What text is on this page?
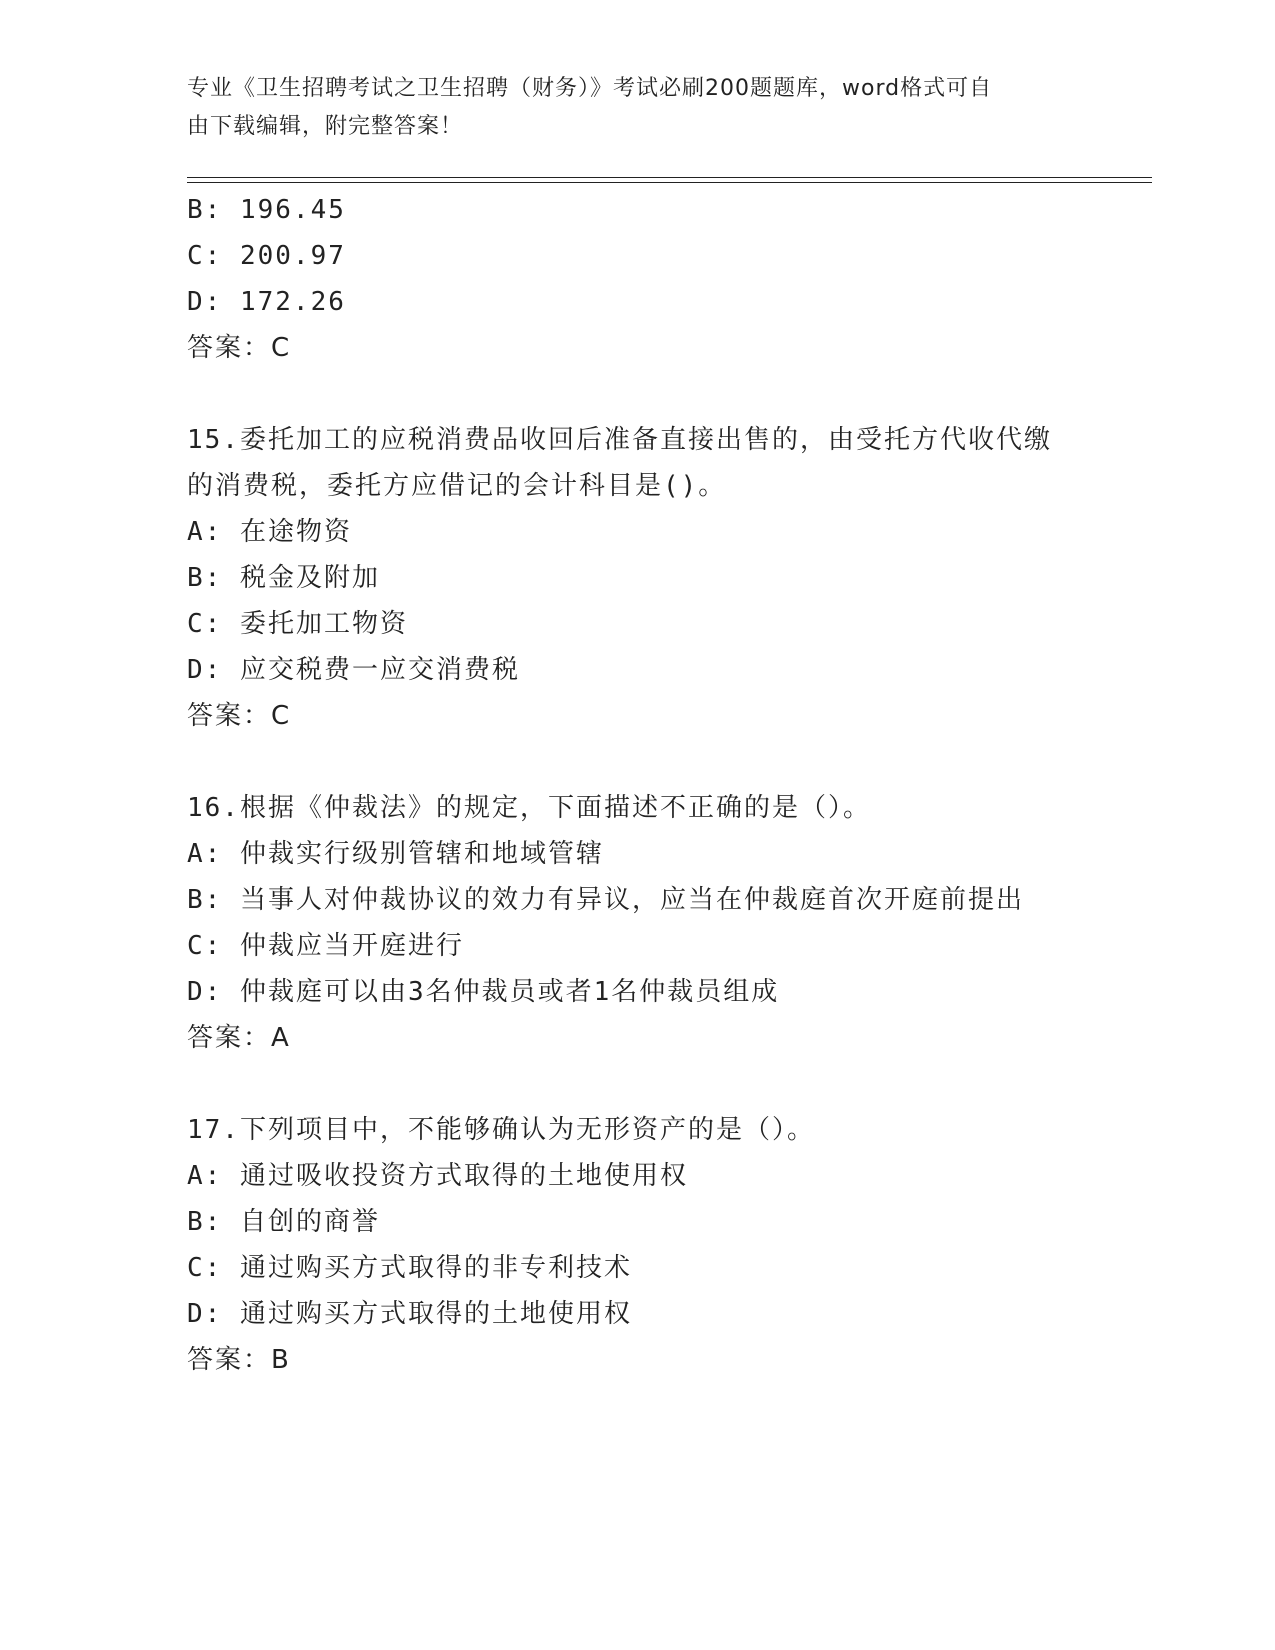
专业《卫生招聘考试之卫生招聘（财务）》考试必刷200题题库，word格式可自
由下载编辑，附完整答案！
B: 196.45
C: 200.97
D: 172.26
答案：C
15.委托加工的应税消费品收回后准备直接出售的，由受托方代收代缴
的消费税，委托方应借记的会计科目是()。
A: 在途物资
B: 税金及附加
C: 委托加工物资
D: 应交税费一应交消费税
答案：C
16.根据《仲裁法》的规定，下面描述不正确的是（）。
A: 仲裁实行级别管辖和地域管辖
B: 当事人对仲裁协议的效力有异议，应当在仲裁庭首次开庭前提出
C: 仲裁应当开庭进行
D: 仲裁庭可以由3名仲裁员或者1名仲裁员组成
答案：A
17.下列项目中，不能够确认为无形资产的是（）。
A: 通过吸收投资方式取得的土地使用权
B: 自创的商誉
C: 通过购买方式取得的非专利技术
D: 通过购买方式取得的土地使用权
答案：B
